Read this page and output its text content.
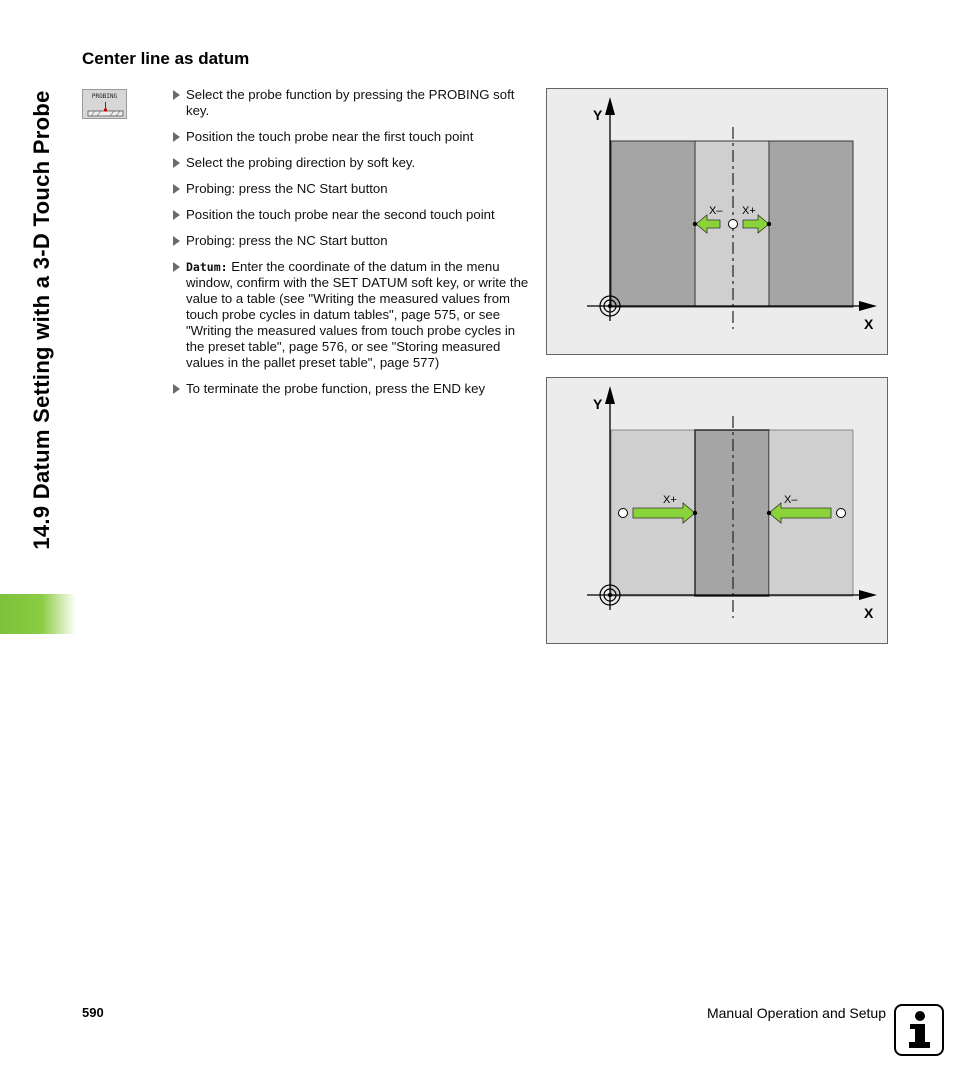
14.9 Datum Setting with a 3-D Touch Probe
Center line as datum
PROBING	Select the probe function by pressing the PROBING soft key.
Position the touch probe near the first touch point
Select the probing direction by soft key.
Probing: press the NC Start button
Position the touch probe near the second touch point
Probing: press the NC Start button
Datum: Enter the coordinate of the datum in the menu window, confirm with the SET DATUM soft key, or write the value to a table (see "Writing the measured values from touch probe cycles in datum tables", page 575, or see "Writing the measured values from touch probe cycles in the preset table", page 576, or see "Storing measured values in the pallet preset table", page 577)
To terminate the probe function, press the END key
Y
X
X– X+
Y
X
X+	X–
590	Manual Operation and Setup
